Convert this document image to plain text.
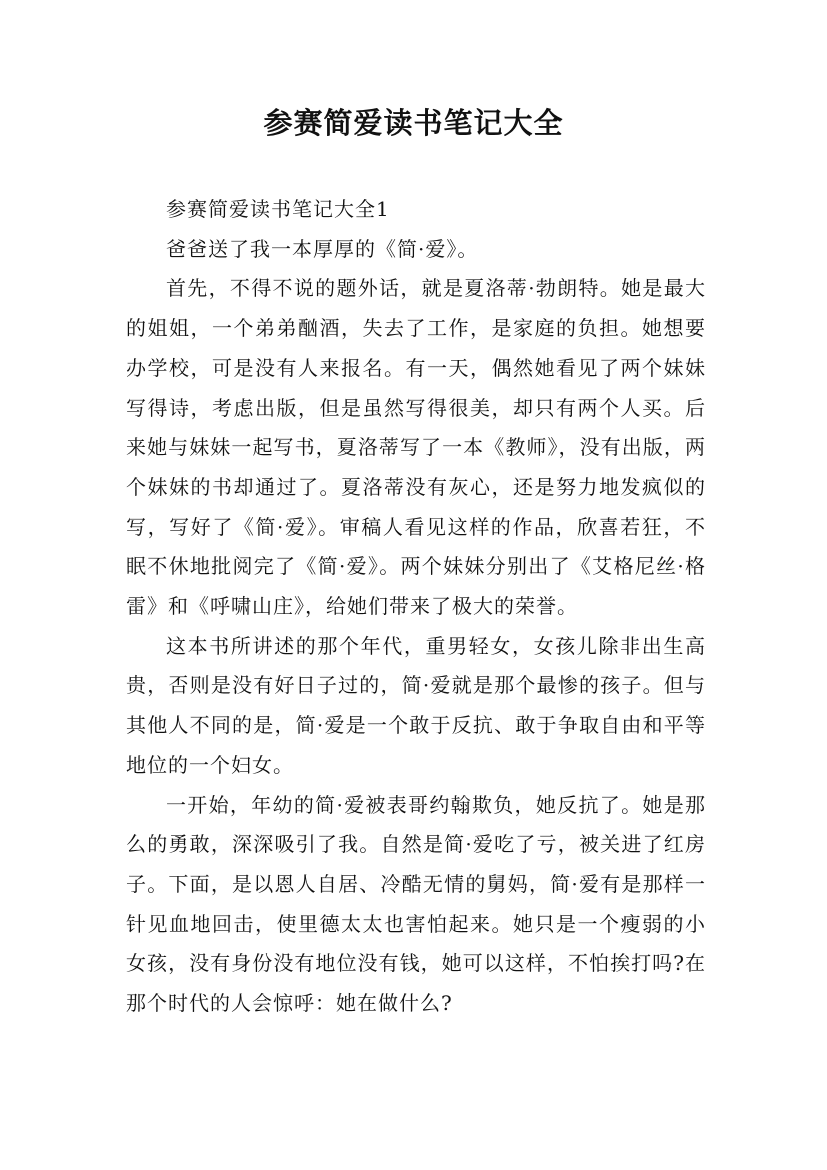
参赛简爱读书笔记大全

参赛简爱读书笔记大全1

爸爸送了我一本厚厚的《简·爱》。

首先，不得不说的题外话，就是夏洛蒂·勃朗特。她是最大的姐姐，一个弟弟酗酒，失去了工作，是家庭的负担。她想要办学校，可是没有人来报名。有一天，偶然她看见了两个妹妹写得诗，考虑出版，但是虽然写得很美，却只有两个人买。后来她与妹妹一起写书，夏洛蒂写了一本《教师》，没有出版，两个妹妹的书却通过了。夏洛蒂没有灰心，还是努力地发疯似的写，写好了《简·爱》。审稿人看见这样的作品，欣喜若狂，不眠不休地批阅完了《简·爱》。两个妹妹分别出了《艾格尼丝·格雷》和《呼啸山庄》，给她们带来了极大的荣誉。

这本书所讲述的那个年代，重男轻女，女孩儿除非出生高贵，否则是没有好日子过的，简·爱就是那个最惨的孩子。但与其他人不同的是，简·爱是一个敢于反抗、敢于争取自由和平等地位的一个妇女。

一开始，年幼的简·爱被表哥约翰欺负，她反抗了。她是那么的勇敢，深深吸引了我。自然是简·爱吃了亏，被关进了红房子。下面，是以恩人自居、冷酷无情的舅妈，简·爱有是那样一针见血地回击，使里德太太也害怕起来。她只是一个瘦弱的小女孩，没有身份没有地位没有钱，她可以这样，不怕挨打吗?在那个时代的人会惊呼：她在做什么?
